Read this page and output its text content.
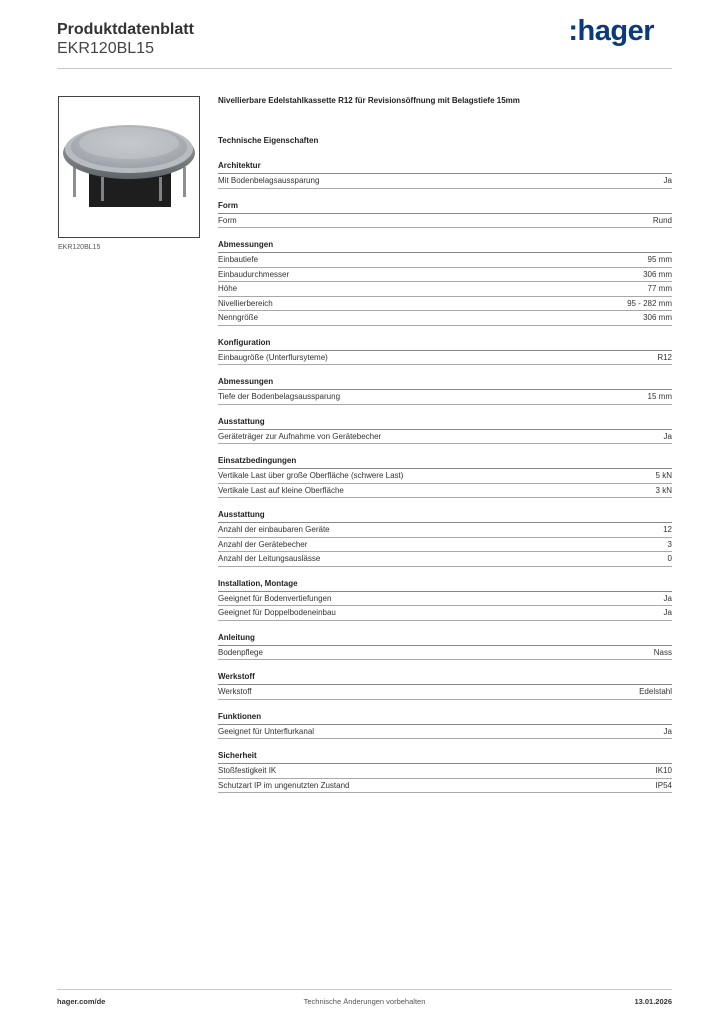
Produktdatenblatt
EKR120BL15
:hager
EKR120BL15
Nivellierbare Edelstahlkassette R12 für Revisionsöffnung mit Belagstiefe 15mm
Technische Eigenschaften
Architektur
Mit Bodenbelagsaussparung	Ja
Form
Form	Rund
Abmessungen
Einbautiefe	95 mm
Einbaudurchmesser	306 mm
Höhe	77 mm
Nivellierbereich	95 - 282 mm
Nenngröße	306 mm
Konfiguration
Einbaugröße (Unterflursyteme)	R12
Abmessungen
Tiefe der Bodenbelagsaussparung	15 mm
Ausstattung
Geräteträger zur Aufnahme von Gerätebecher	Ja
Einsatzbedingungen
Vertikale Last über große Oberfläche (schwere Last)	5 kN
Vertikale Last auf kleine Oberfläche	3 kN
Ausstattung
Anzahl der einbaubaren Geräte	12
Anzahl der Gerätebecher	3
Anzahl der Leitungsauslässe	0
Installation, Montage
Geeignet für Bodenvertiefungen	Ja
Geeignet für Doppelbodeneinbau	Ja
Anleitung
Bodenpflege	Nass
Werkstoff
Werkstoff	Edelstahl
Funktionen
Geeignet für Unterflurkanal	Ja
Sicherheit
Stoßfestigkeit IK	IK10
Schutzart IP im ungenutzten Zustand	IP54
hager.com/de	Technische Änderungen vorbehalten	13.01.2026
